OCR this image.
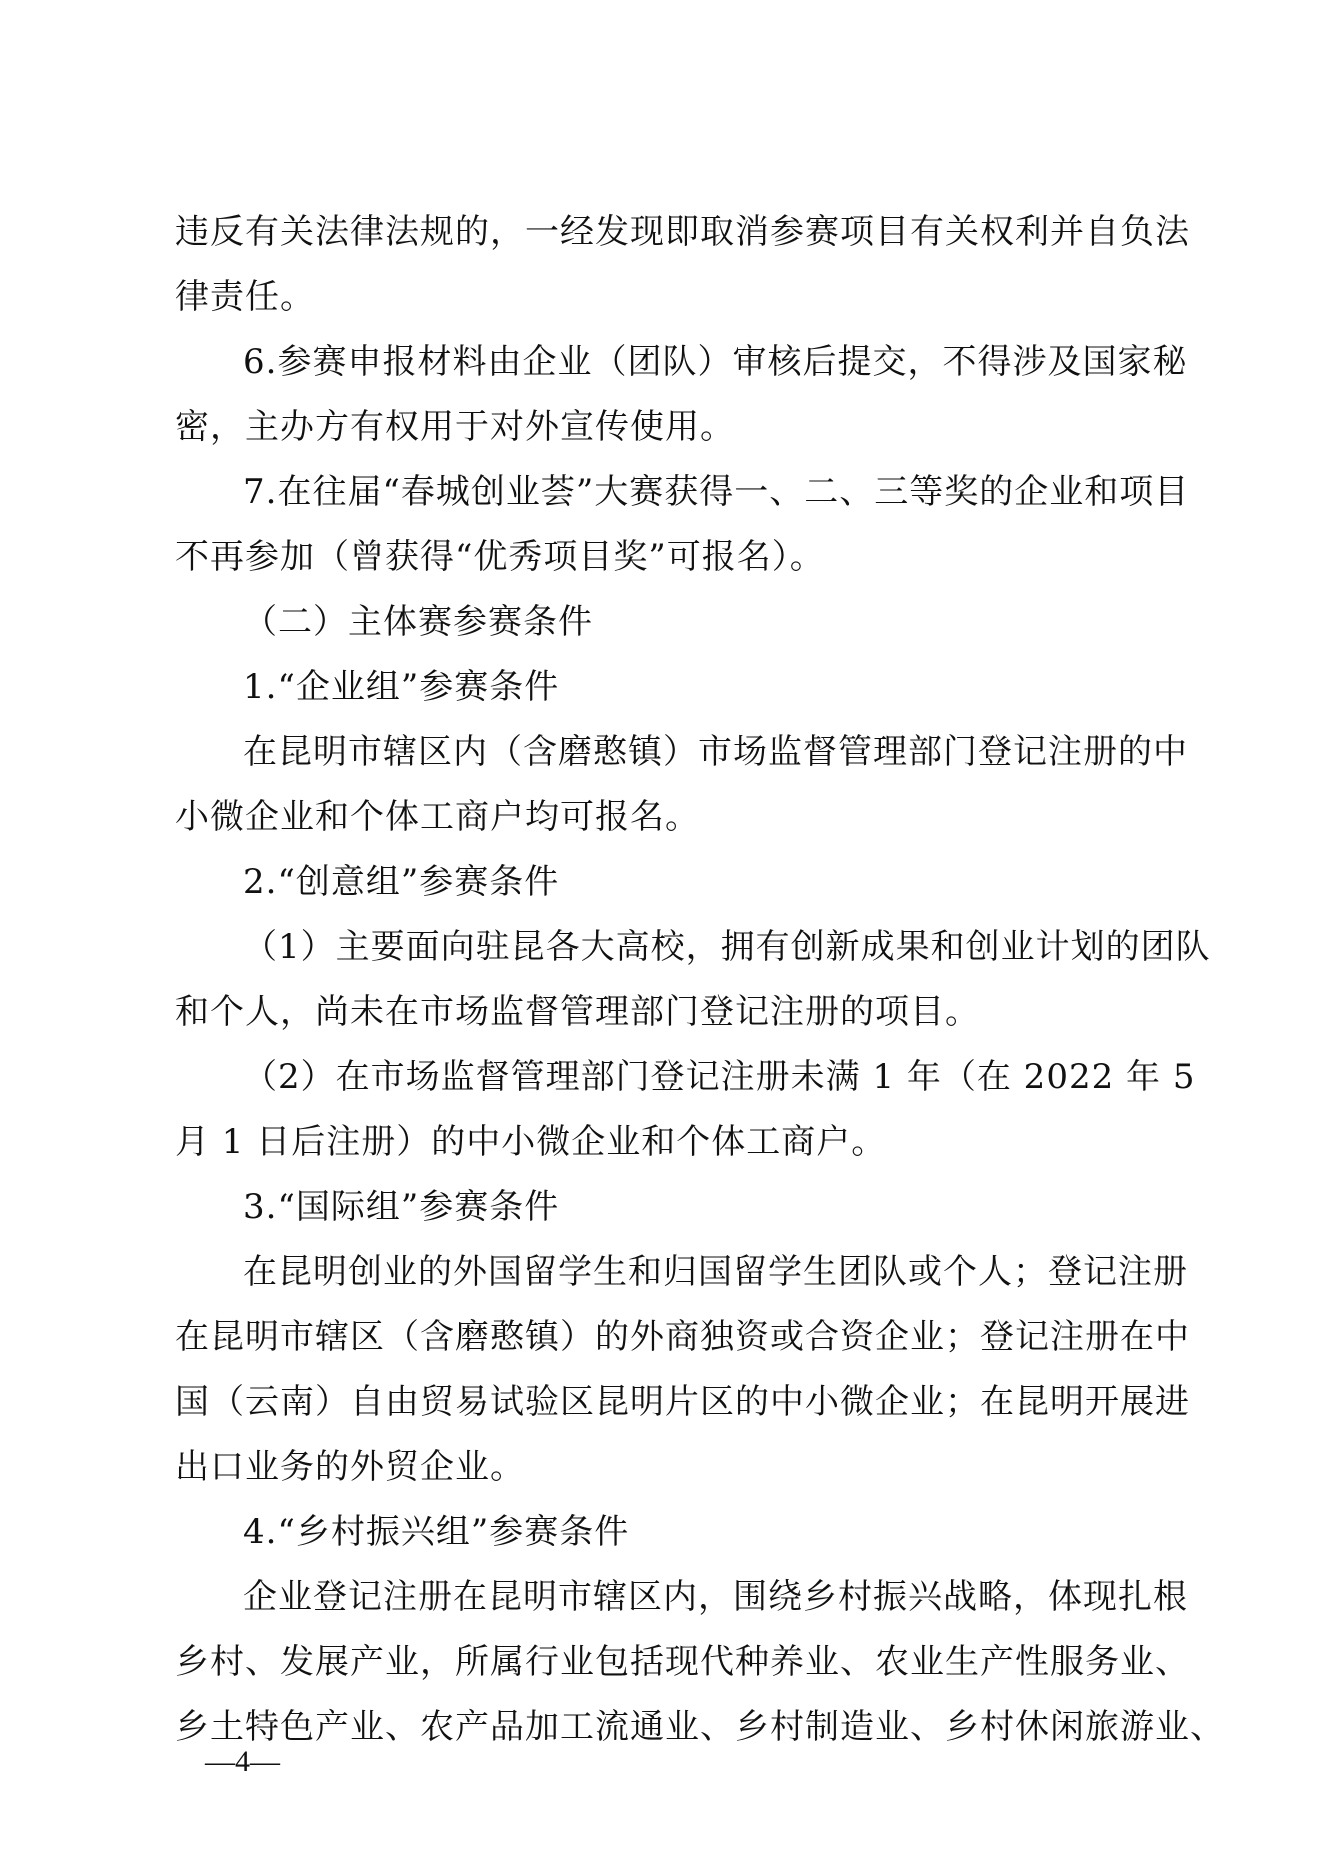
违反有关法律法规的，一经发现即取消参赛项目有关权利并自负法
律责任。
6.参赛申报材料由企业（团队）审核后提交，不得涉及国家秘
密，主办方有权用于对外宣传使用。
7.在往届“春城创业荟”大赛获得一、二、三等奖的企业和项目
不再参加（曾获得“优秀项目奖”可报名）。
（二）主体赛参赛条件
1.“企业组”参赛条件
在昆明市辖区内（含磨憨镇）市场监督管理部门登记注册的中
小微企业和个体工商户均可报名。
2.“创意组”参赛条件
（1）主要面向驻昆各大高校，拥有创新成果和创业计划的团队
和个人，尚未在市场监督管理部门登记注册的项目。
（2）在市场监督管理部门登记注册未满 1 年（在 2022 年 5
月 1 日后注册）的中小微企业和个体工商户。
3.“国际组”参赛条件
在昆明创业的外国留学生和归国留学生团队或个人；登记注册
在昆明市辖区（含磨憨镇）的外商独资或合资企业；登记注册在中
国（云南）自由贸易试验区昆明片区的中小微企业；在昆明开展进
出口业务的外贸企业。
4.“乡村振兴组”参赛条件
企业登记注册在昆明市辖区内，围绕乡村振兴战略，体现扎根
乡村、发展产业，所属行业包括现代种养业、农业生产性服务业、
乡土特色产业、农产品加工流通业、乡村制造业、乡村休闲旅游业、
—4—
